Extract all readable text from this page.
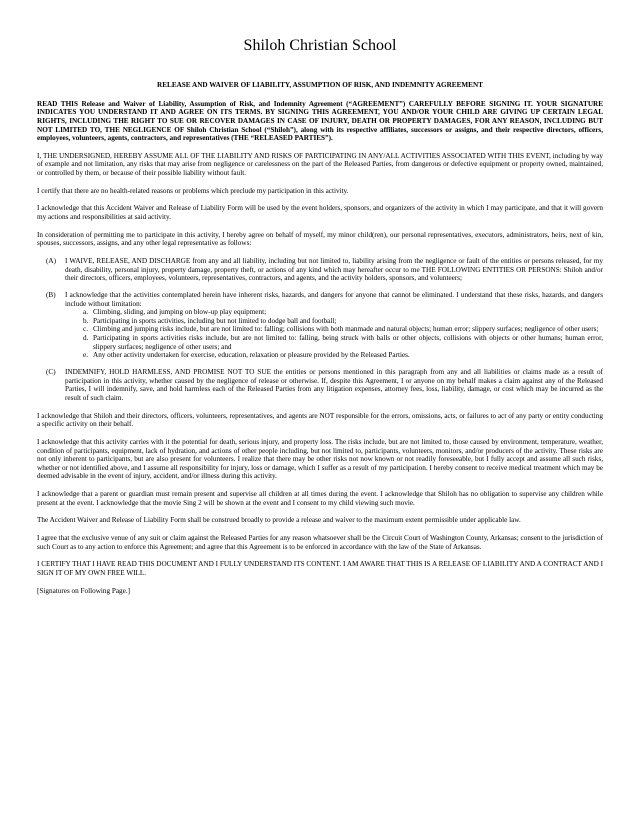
Shiloh Christian School
RELEASE AND WAIVER OF LIABILITY, ASSUMPTION OF RISK, AND INDEMNITY AGREEMENT

READ THIS Release and Waiver of Liability, Assumption of Risk, and Indemnity Agreement (“AGREEMENT”) CAREFULLY BEFORE SIGNING IT. YOUR SIGNATURE INDICATES YOU UNDERSTAND IT AND AGREE ON ITS TERMS. BY SIGNING THIS AGREEMENT, YOU AND/OR YOUR CHILD ARE GIVING UP CERTAIN LEGAL RIGHTS, INCLUDING THE RIGHT TO SUE OR RECOVER DAMAGES IN CASE OF INJURY, DEATH OR PROPERTY DAMAGES, FOR ANY REASON, INCLUDING BUT NOT LIMITED TO, THE NEGLIGENCE OF Shiloh Christian School (“Shiloh”), along with its respective affiliates, successors or assigns, and their respective directors, officers, employees, volunteers, agents, contractors, and representatives (THE “RELEASED PARTIES”).

I, THE UNDERSIGNED, HEREBY ASSUME ALL OF THE LIABILITY AND RISKS OF PARTICIPATING IN ANY/ALL ACTIVITIES ASSOCIATED WITH THIS EVENT, including by way of example and not limitation, any risks that may arise from negligence or carelessness on the part of the Released Parties, from dangerous or defective equipment or property owned, maintained, or controlled by them, or because of their possible liability without fault.

I certify that there are no health-related reasons or problems which preclude my participation in this activity.

I acknowledge that this Accident Waiver and Release of Liability Form will be used by the event holders, sponsors, and organizers of the activity in which I may participate, and that it will govern my actions and responsibilities at said activity.

In consideration of permitting me to participate in this activity, I hereby agree on behalf of myself, my minor child(ren), our personal representatives, executors, administrators, heirs, next of kin, spouses, successors, assigns, and any other legal representative as follows:

(A)	I WAIVE, RELEASE, AND DISCHARGE from any and all liability, including but not limited to, liability arising from the negligence or fault of the entities or persons released, for my death, disability, personal injury, property damage, property theft, or actions of any kind which may hereafter occur to me THE FOLLOWING ENTITIES OR PERSONS: Shiloh and/or their directors, officers, employees, volunteers, representatives, contractors, and agents, and the activity holders, sponsors, and volunteers;
(B)	I acknowledge that the activities contemplated herein have inherent risks, hazards, and dangers for anyone that cannot be eliminated. I understand that these risks, hazards, and dangers include without limitation:
a. Climbing, sliding, and jumping on blow-up play equipment;
b. Participating in sports activities, including but not limited to dodge ball and football;
c. Climbing and jumping risks include, but are not limited to: falling; collisions with both manmade and natural objects; human error; slippery surfaces; negligence of other users;
d. Participating in sports activities risks include, but are not limited to: falling, being struck with balls or other objects, collisions with objects or other humans; human error, slippery surfaces; negligence of other users; and
e. Any other activity undertaken for exercise, education, relaxation or pleasure provided by the Released Parties.
(C)	INDEMNIFY, HOLD HARMLESS, AND PROMISE NOT TO SUE the entities or persons mentioned in this paragraph from any and all liabilities or claims made as a result of participation in this activity, whether caused by the negligence of release or otherwise. If, despite this Agreement, I or anyone on my behalf makes a claim against any of the Released Parties, I will indemnify, save, and hold harmless each of the Released Parties from any litigation expenses, attorney fees, loss, liability, damage, or cost which may be incurred as the result of such claim.

I acknowledge that Shiloh and their directors, officers, volunteers, representatives, and agents are NOT responsible for the errors, omissions, acts, or failures to act of any party or entity conducting a specific activity on their behalf.

I acknowledge that this activity carries with it the potential for death, serious injury, and property loss. The risks include, but are not limited to, those caused by environment, temperature, weather, condition of participants, equipment, lack of hydration, and actions of other people including, but not limited to, participants, volunteers, monitors, and/or producers of the activity. These risks are not only inherent to participants, but are also present for volunteers. I realize that there may be other risks not now known or not readily foreseeable, but I fully accept and assume all such risks, whether or not identified above, and I assume all responsibility for injury, loss or damage, which I suffer as a result of my participation. I hereby consent to receive medical treatment which may be deemed advisable in the event of injury, accident, and/or illness during this activity.

I acknowledge that a parent or guardian must remain present and supervise all children at all times during the event. I acknowledge that Shiloh has no obligation to supervise any children while present at the event. I acknowledge that the movie Sing 2 will be shown at the event and I consent to my child viewing such movie.

The Accident Waiver and Release of Liability Form shall be construed broadly to provide a release and waiver to the maximum extent permissible under applicable law.

I agree that the exclusive venue of any suit or claim against the Released Parties for any reason whatsoever shall be the Circuit Court of Washington County, Arkansas; consent to the jurisdiction of such Court as to any action to enforce this Agreement; and agree that this Agreement is to be enforced in accordance with the law of the State of Arkansas.

I CERTIFY THAT I HAVE READ THIS DOCUMENT AND I FULLY UNDERSTAND ITS CONTENT. I AM AWARE THAT THIS IS A RELEASE OF LIABILITY AND A CONTRACT AND I SIGN IT OF MY OWN FREE WILL.

[Signatures on Following Page.]
